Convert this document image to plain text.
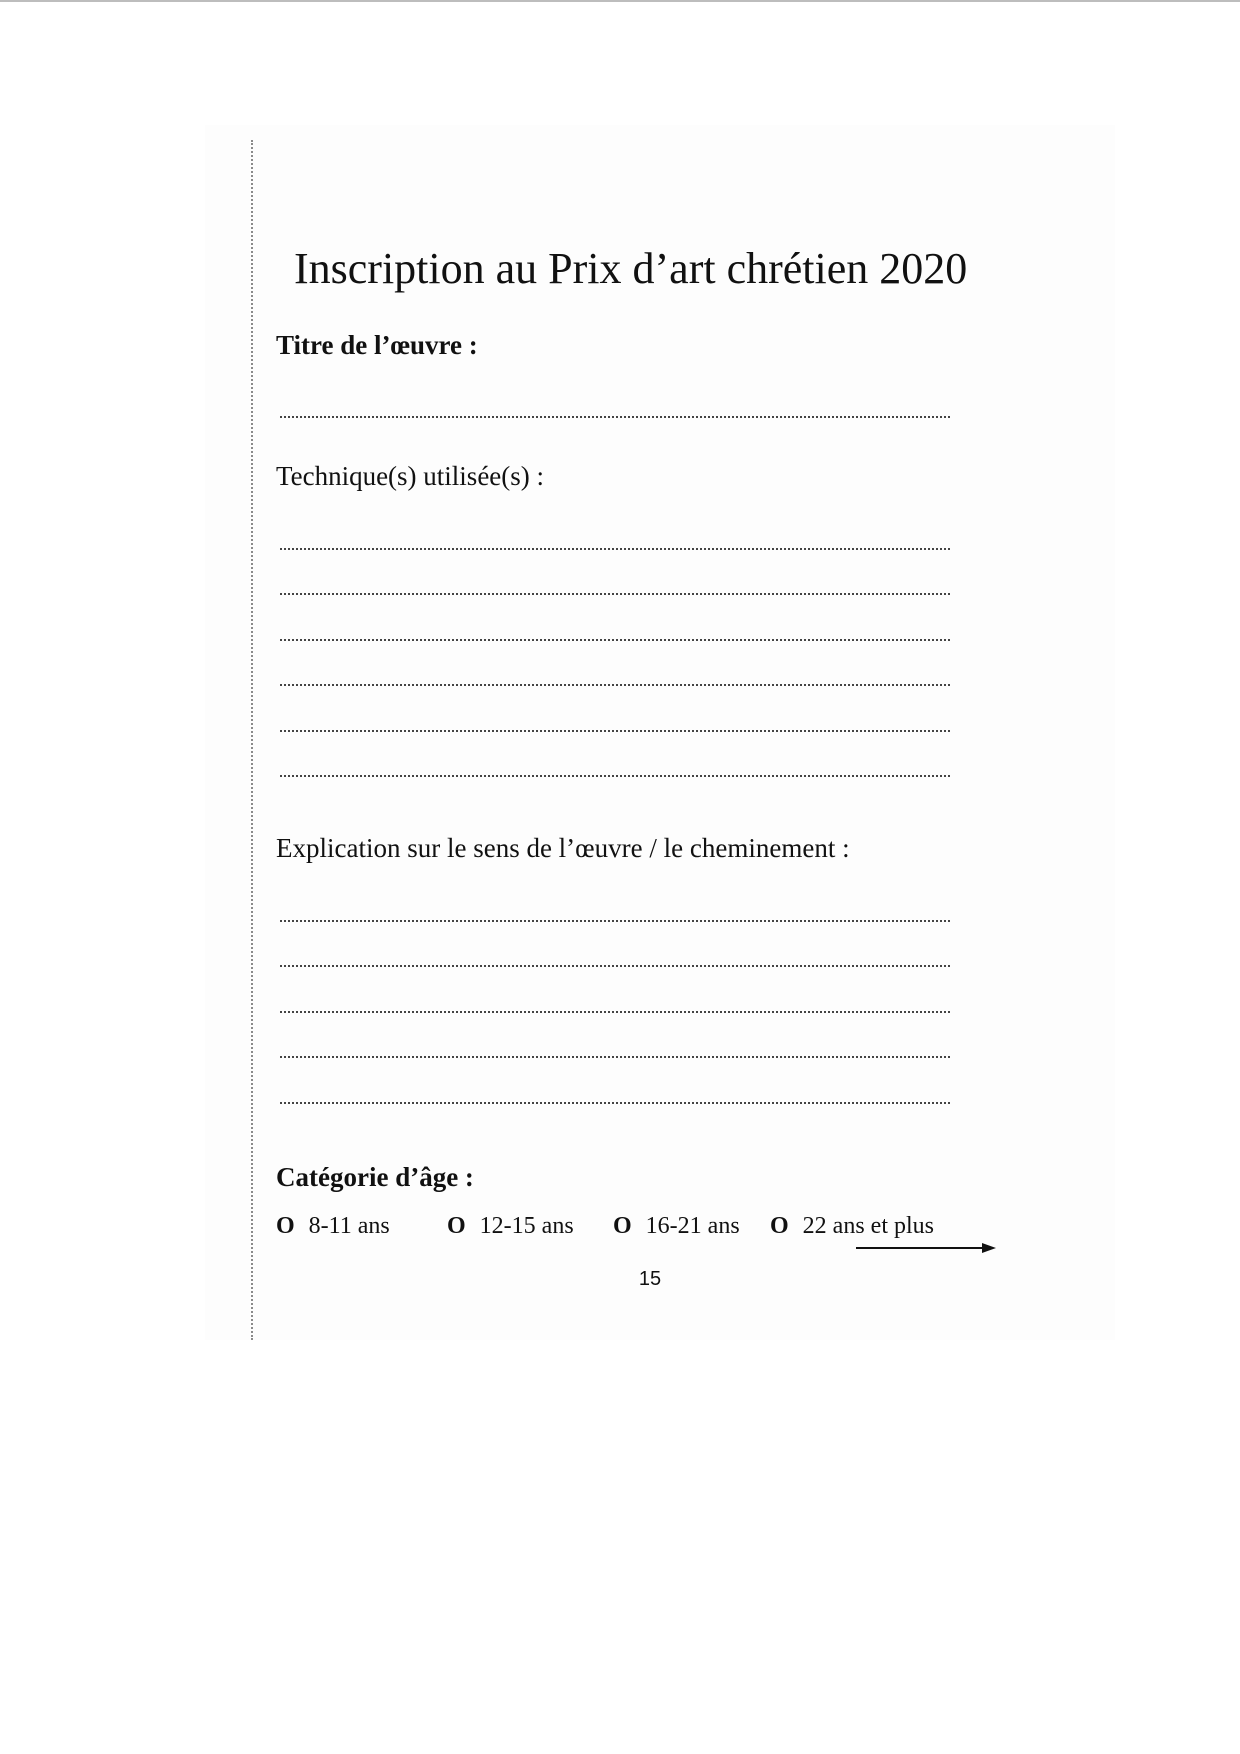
Inscription au Prix d’art chrétien 2020
Titre de l’œuvre :
Technique(s) utilisée(s) :
Explication sur le sens de l’œuvre / le cheminement :
Catégorie d’âge :
O 8-11 ans O 12-15 ans O 16-21 ans O 22 ans et plus
15
